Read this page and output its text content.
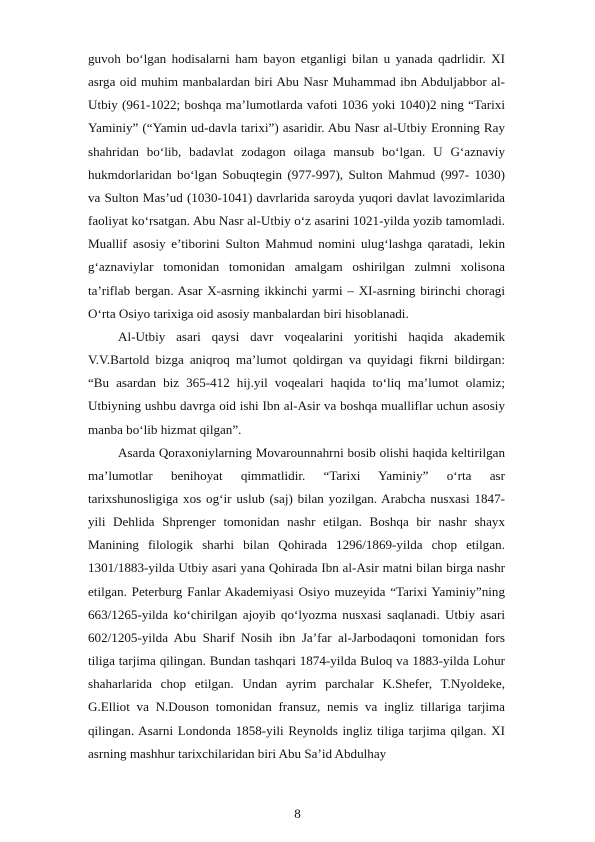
guvoh bo‘lgan hodisalarni ham bayon etganligi bilan u yanada qadrlidir. XI asrga oid muhim manbalardan biri Abu Nasr Muhammad ibn Abduljabbor al-Utbiy (961-1022; boshqa ma’lumotlarda vafoti 1036 yoki 1040)2 ning “Tarixi Yaminiy” (“Yamin ud-davla tarixi”) asaridir. Abu Nasr al-Utbiy Eronning Ray shahridan bo‘lib, badavlat zodagon oilaga mansub bo‘lgan. U G‘aznaviy hukmdorlaridan bo‘lgan Sobuqtegin (977-997), Sulton Mahmud (997- 1030) va Sulton Mas’ud (1030-1041) davrlarida saroyda yuqori davlat lavozimlarida faoliyat ko‘rsatgan. Abu Nasr al-Utbiy o‘z asarini 1021-yilda yozib tamomladi. Muallif asosiy e’tiborini Sulton Mahmud nomini ulug‘lashga qaratadi, lekin g‘aznaviylar tomonidan tomonidan amalgam oshirilgan zulmni xolisona ta’riflab bergan. Asar X-asrning ikkinchi yarmi – XI-asrning birinchi choragi O‘rta Osiyo tarixiga oid asosiy manbalardan biri hisoblanadi.

Al-Utbiy asari qaysi davr voqealarini yoritishi haqida akademik V.V.Bartold bizga aniqroq ma’lumot qoldirgan va quyidagi fikrni bildirgan: “Bu asardan biz 365-412 hij.yil voqealari haqida to‘liq ma’lumot olamiz; Utbiyning ushbu davrga oid ishi Ibn al-Asir va boshqa mualliflar uchun asosiy manba bo‘lib hizmat qilgan”.

Asarda Qoraxoniylarning Movarounnahrni bosib olishi haqida keltirilgan ma’lumotlar benihoyat qimmatlidir. “Tarixi Yaminiy” o‘rta asr tarixshunosligiga xos og‘ir uslub (saj) bilan yozilgan. Arabcha nusxasi 1847-yili Dehlida Shprenger tomonidan nashr etilgan. Boshqa bir nashr shayx Manining filologik sharhi bilan Qohirada 1296/1869-yilda chop etilgan. 1301/1883-yilda Utbiy asari yana Qohirada Ibn al-Asir matni bilan birga nashr etilgan. Peterburg Fanlar Akademiyasi Osiyo muzeyida “Tarixi Yaminiy”ning 663/1265-yilda ko‘chirilgan ajoyib qo‘lyozma nusxasi saqlanadi. Utbiy asari 602/1205-yilda Abu Sharif Nosih ibn Ja’far al-Jarbodaqoni tomonidan fors tiliga tarjima qilingan. Bundan tashqari 1874-yilda Buloq va 1883-yilda Lohur shaharlarida chop etilgan. Undan ayrim parchalar K.Shefer, T.Nyoldeke, G.Elliot va N.Douson tomonidan fransuz, nemis va ingliz tillariga tarjima qilingan. Asarni Londonda 1858-yili Reynolds ingliz tiliga tarjima qilgan. XI asrning mashhur tarixchilaridan biri Abu Sa’id Abdulhay

8
